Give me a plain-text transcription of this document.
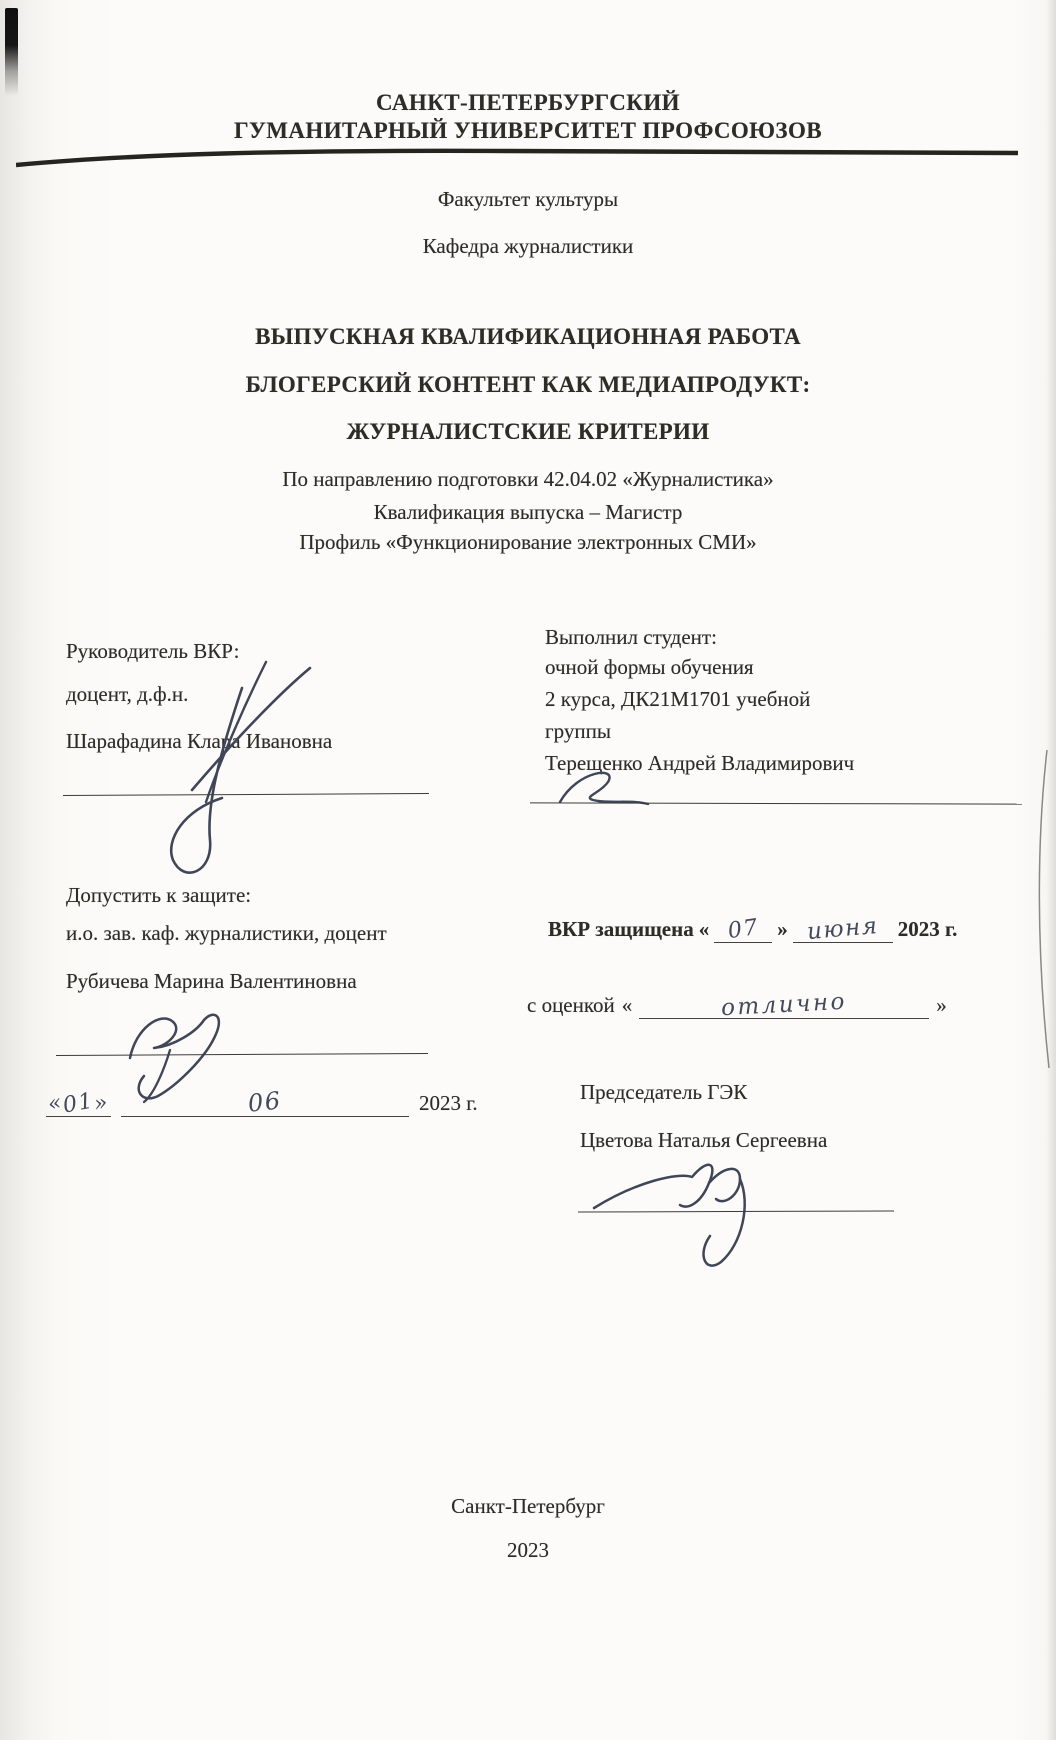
САНКТ-ПЕТЕРБУРГСКИЙ
ГУМАНИТАРНЫЙ УНИВЕРСИТЕТ ПРОФСОЮЗОВ
Факультет культуры
Кафедра журналистики
ВЫПУСКНАЯ КВАЛИФИКАЦИОННАЯ РАБОТА
БЛОГЕРСКИЙ КОНТЕНТ КАК МЕДИАПРОДУКТ:
ЖУРНАЛИСТСКИЕ КРИТЕРИИ
По направлению подготовки 42.04.02 «Журналистика»
Квалификация выпуска – Магистр
Профиль «Функционирование электронных СМИ»
Руководитель ВКР:
доцент, д.ф.н.
Шарафадина Клара Ивановна
Выполнил студент:
очной формы обучения
2 курса, ДК21М1701 учебной
группы
Терещенко Андрей Владимирович
Допустить к защите:
и.о. зав. каф. журналистики, доцент
Рубичева Марина Валентиновна
«01»	06	2023 г.
ВКР защищена « 07 » июня 2023 г.
с оценкой «	отлично	»
Председатель ГЭК
Цветова Наталья Сергеевна
Санкт-Петербург
2023
